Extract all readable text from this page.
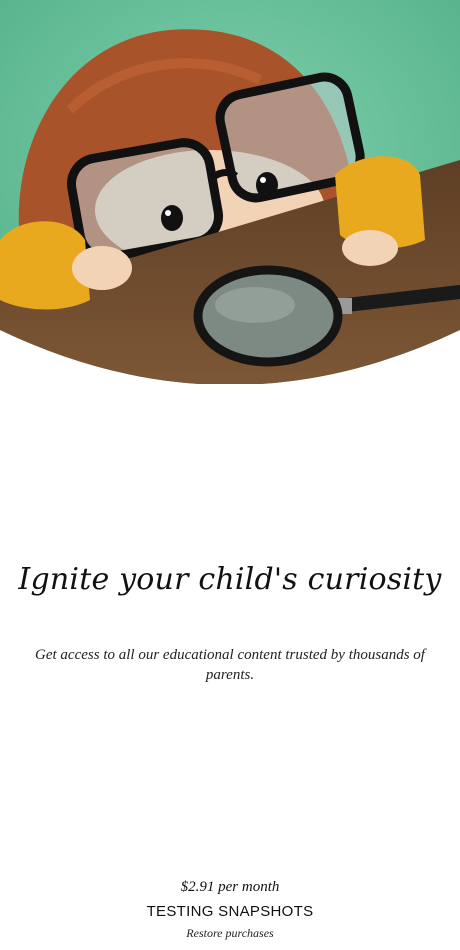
Ignite your child's curiosity
Get access to all our educational content trusted by thousands of parents.
$2.91 per month
TESTING SNAPSHOTS
Restore purchases
